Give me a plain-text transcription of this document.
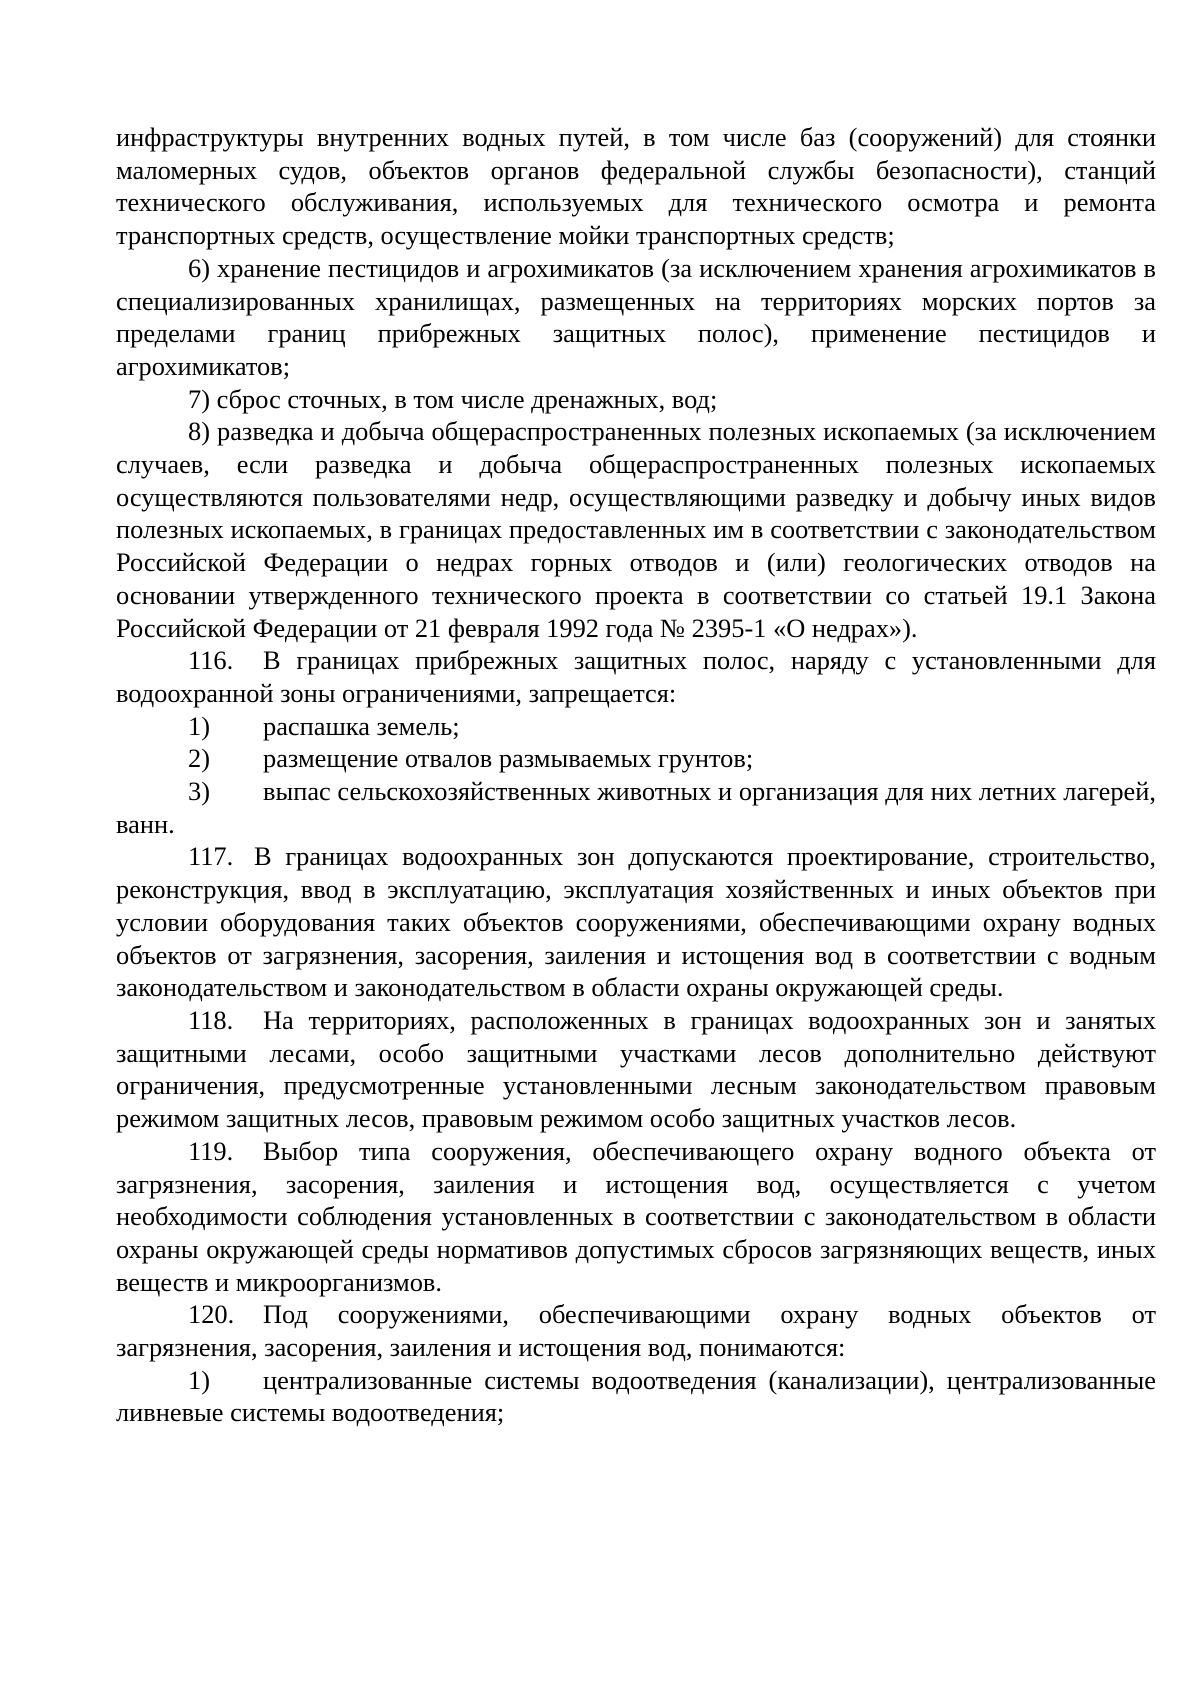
инфраструктуры внутренних водных путей, в том числе баз (сооружений) для стоянки маломерных судов, объектов органов федеральной службы безопасности), станций технического обслуживания, используемых для технического осмотра и ремонта транспортных средств, осуществление мойки транспортных средств;

6) хранение пестицидов и агрохимикатов (за исключением хранения агрохимикатов в специализированных хранилищах, размещенных на территориях морских портов за пределами границ прибрежных защитных полос), применение пестицидов и агрохимикатов;

7) сброс сточных, в том числе дренажных, вод;

8) разведка и добыча общераспространенных полезных ископаемых (за исключением случаев, если разведка и добыча общераспространенных полезных ископаемых осуществляются пользователями недр, осуществляющими разведку и добычу иных видов полезных ископаемых, в границах предоставленных им в соответствии с законодательством Российской Федерации о недрах горных отводов и (или) геологических отводов на основании утвержденного технического проекта в соответствии со статьей 19.1 Закона Российской Федерации от 21 февраля 1992 года № 2395-1 «О недрах»).

116. В границах прибрежных защитных полос, наряду с установленными для водоохранной зоны ограничениями, запрещается:

1)	распашка земель;

2)	размещение отвалов размываемых грунтов;

3) выпас сельскохозяйственных животных и организация для них летних лагерей, ванн.

117. В границах водоохранных зон допускаются проектирование, строительство, реконструкция, ввод в эксплуатацию, эксплуатация хозяйственных и иных объектов при условии оборудования таких объектов сооружениями, обеспечивающими охрану водных объектов от загрязнения, засорения, заиления и истощения вод в соответствии с водным законодательством и законодательством в области охраны окружающей среды.

118. На территориях, расположенных в границах водоохранных зон и занятых защитными лесами, особо защитными участками лесов дополнительно действуют ограничения, предусмотренные установленными лесным законодательством правовым режимом защитных лесов, правовым режимом особо защитных участков лесов.

119. Выбор типа сооружения, обеспечивающего охрану водного объекта от загрязнения, засорения, заиления и истощения вод, осуществляется с учетом необходимости соблюдения установленных в соответствии с законодательством в области охраны окружающей среды нормативов допустимых сбросов загрязняющих веществ, иных веществ и микроорганизмов.

120. Под сооружениями, обеспечивающими охрану водных объектов от загрязнения, засорения, заиления и истощения вод, понимаются:

1) централизованные системы водоотведения (канализации), централизованные ливневые системы водоотведения;
